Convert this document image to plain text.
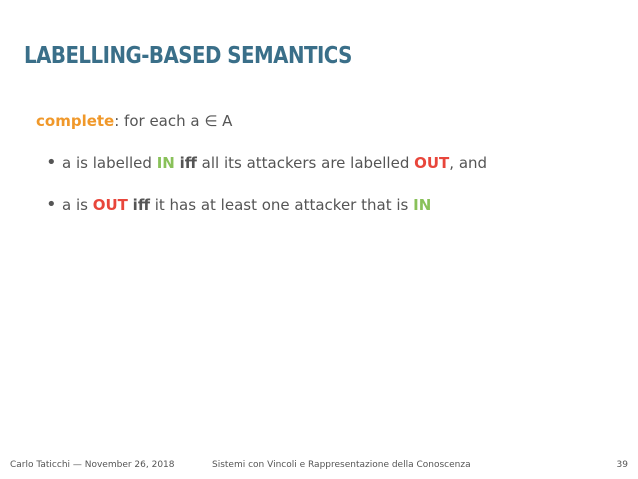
LABELLING-BASED SEMANTICS
complete: for each a ∈ A
• a is labelled IN iff all its attackers are labelled OUT, and
• a is OUT iff it has at least one attacker that is IN
Carlo Taticchi — November 26, 2018	Sistemi con Vincoli e Rappresentazione della Conoscenza	39
